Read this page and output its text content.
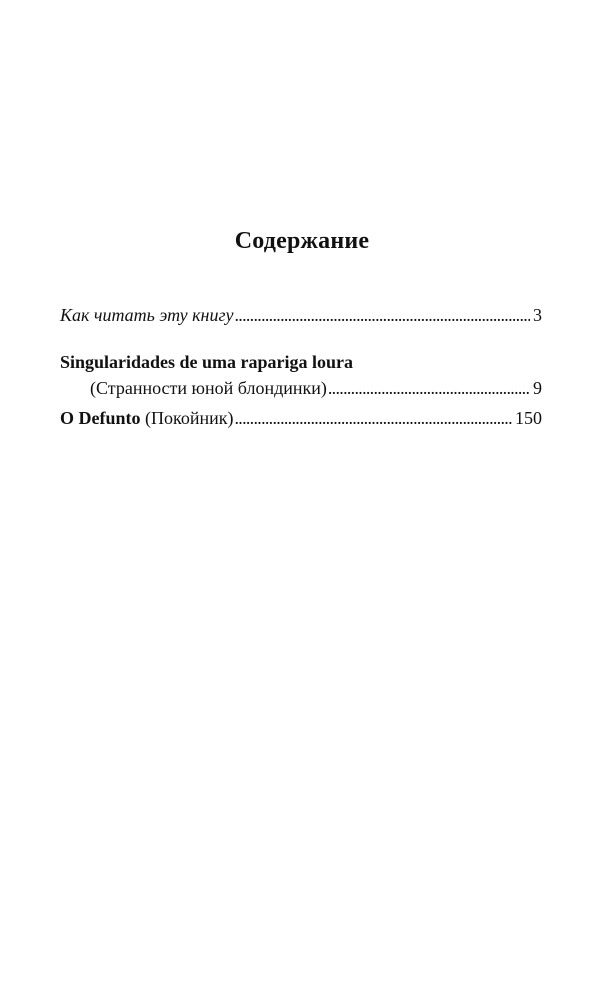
Содержание
Как читать эту книгу . . .	3
Singularidades de uma rapariga loura
(Странности юной блондинки) . . .	9
O Defunto (Покойник) . . .	150
